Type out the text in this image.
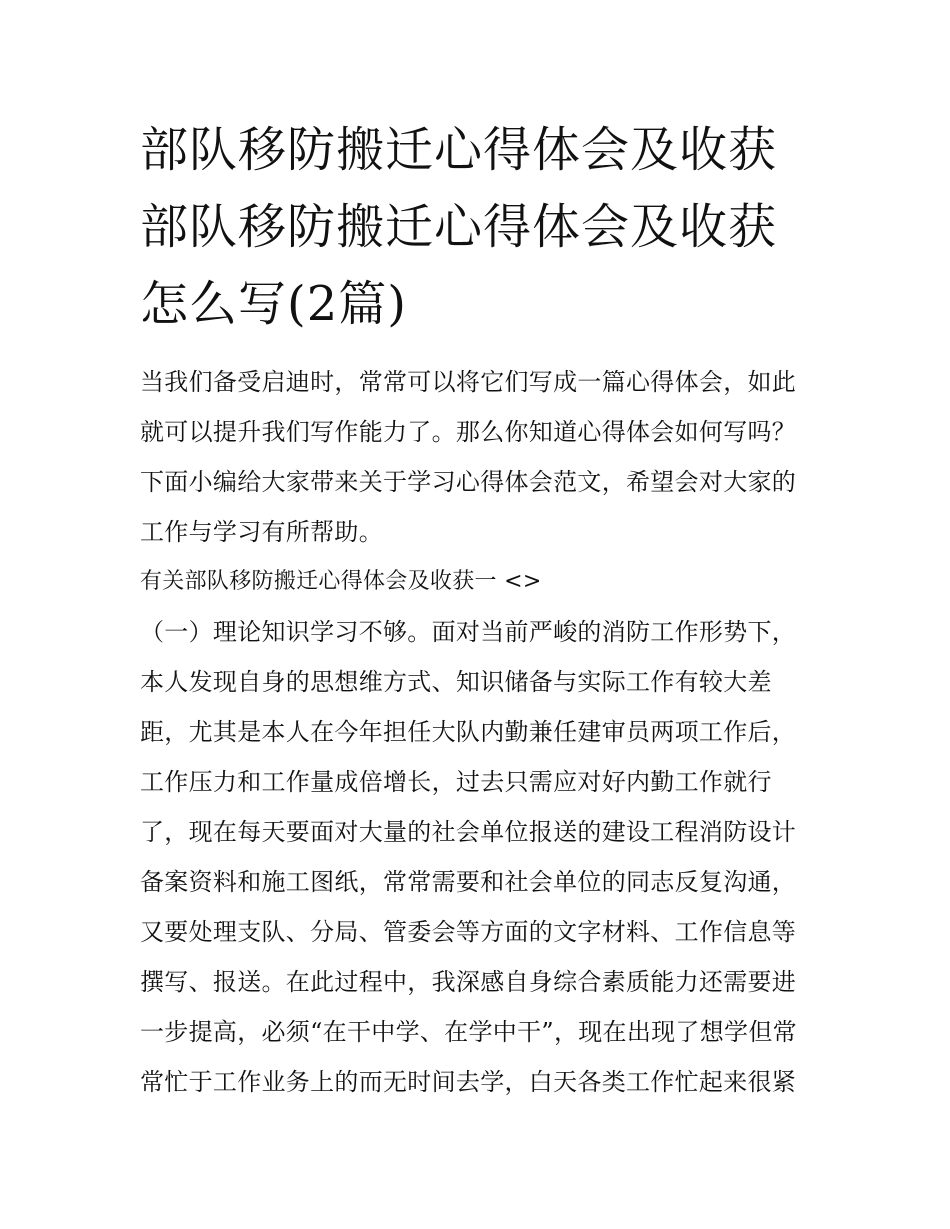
部队移防搬迁心得体会及收获
部队移防搬迁心得体会及收获
怎么写(2篇)
当我们备受启迪时，常常可以将它们写成一篇心得体会，如此
就可以提升我们写作能力了。那么你知道心得体会如何写吗？
下面小编给大家带来关于学习心得体会范文，希望会对大家的
工作与学习有所帮助。
有关部队移防搬迁心得体会及收获一 <>
（一）理论知识学习不够。面对当前严峻的消防工作形势下，
本人发现自身的思想维方式、知识储备与实际工作有较大差
距，尤其是本人在今年担任大队内勤兼任建审员两项工作后，
工作压力和工作量成倍增长，过去只需应对好内勤工作就行
了，现在每天要面对大量的社会单位报送的建设工程消防设计
备案资料和施工图纸，常常需要和社会单位的同志反复沟通，
又要处理支队、分局、管委会等方面的文字材料、工作信息等
撰写、报送。在此过程中，我深感自身综合素质能力还需要进
一步提高，必须“在干中学、在学中干”，现在出现了想学但常
常忙于工作业务上的而无时间去学，白天各类工作忙起来很紧
